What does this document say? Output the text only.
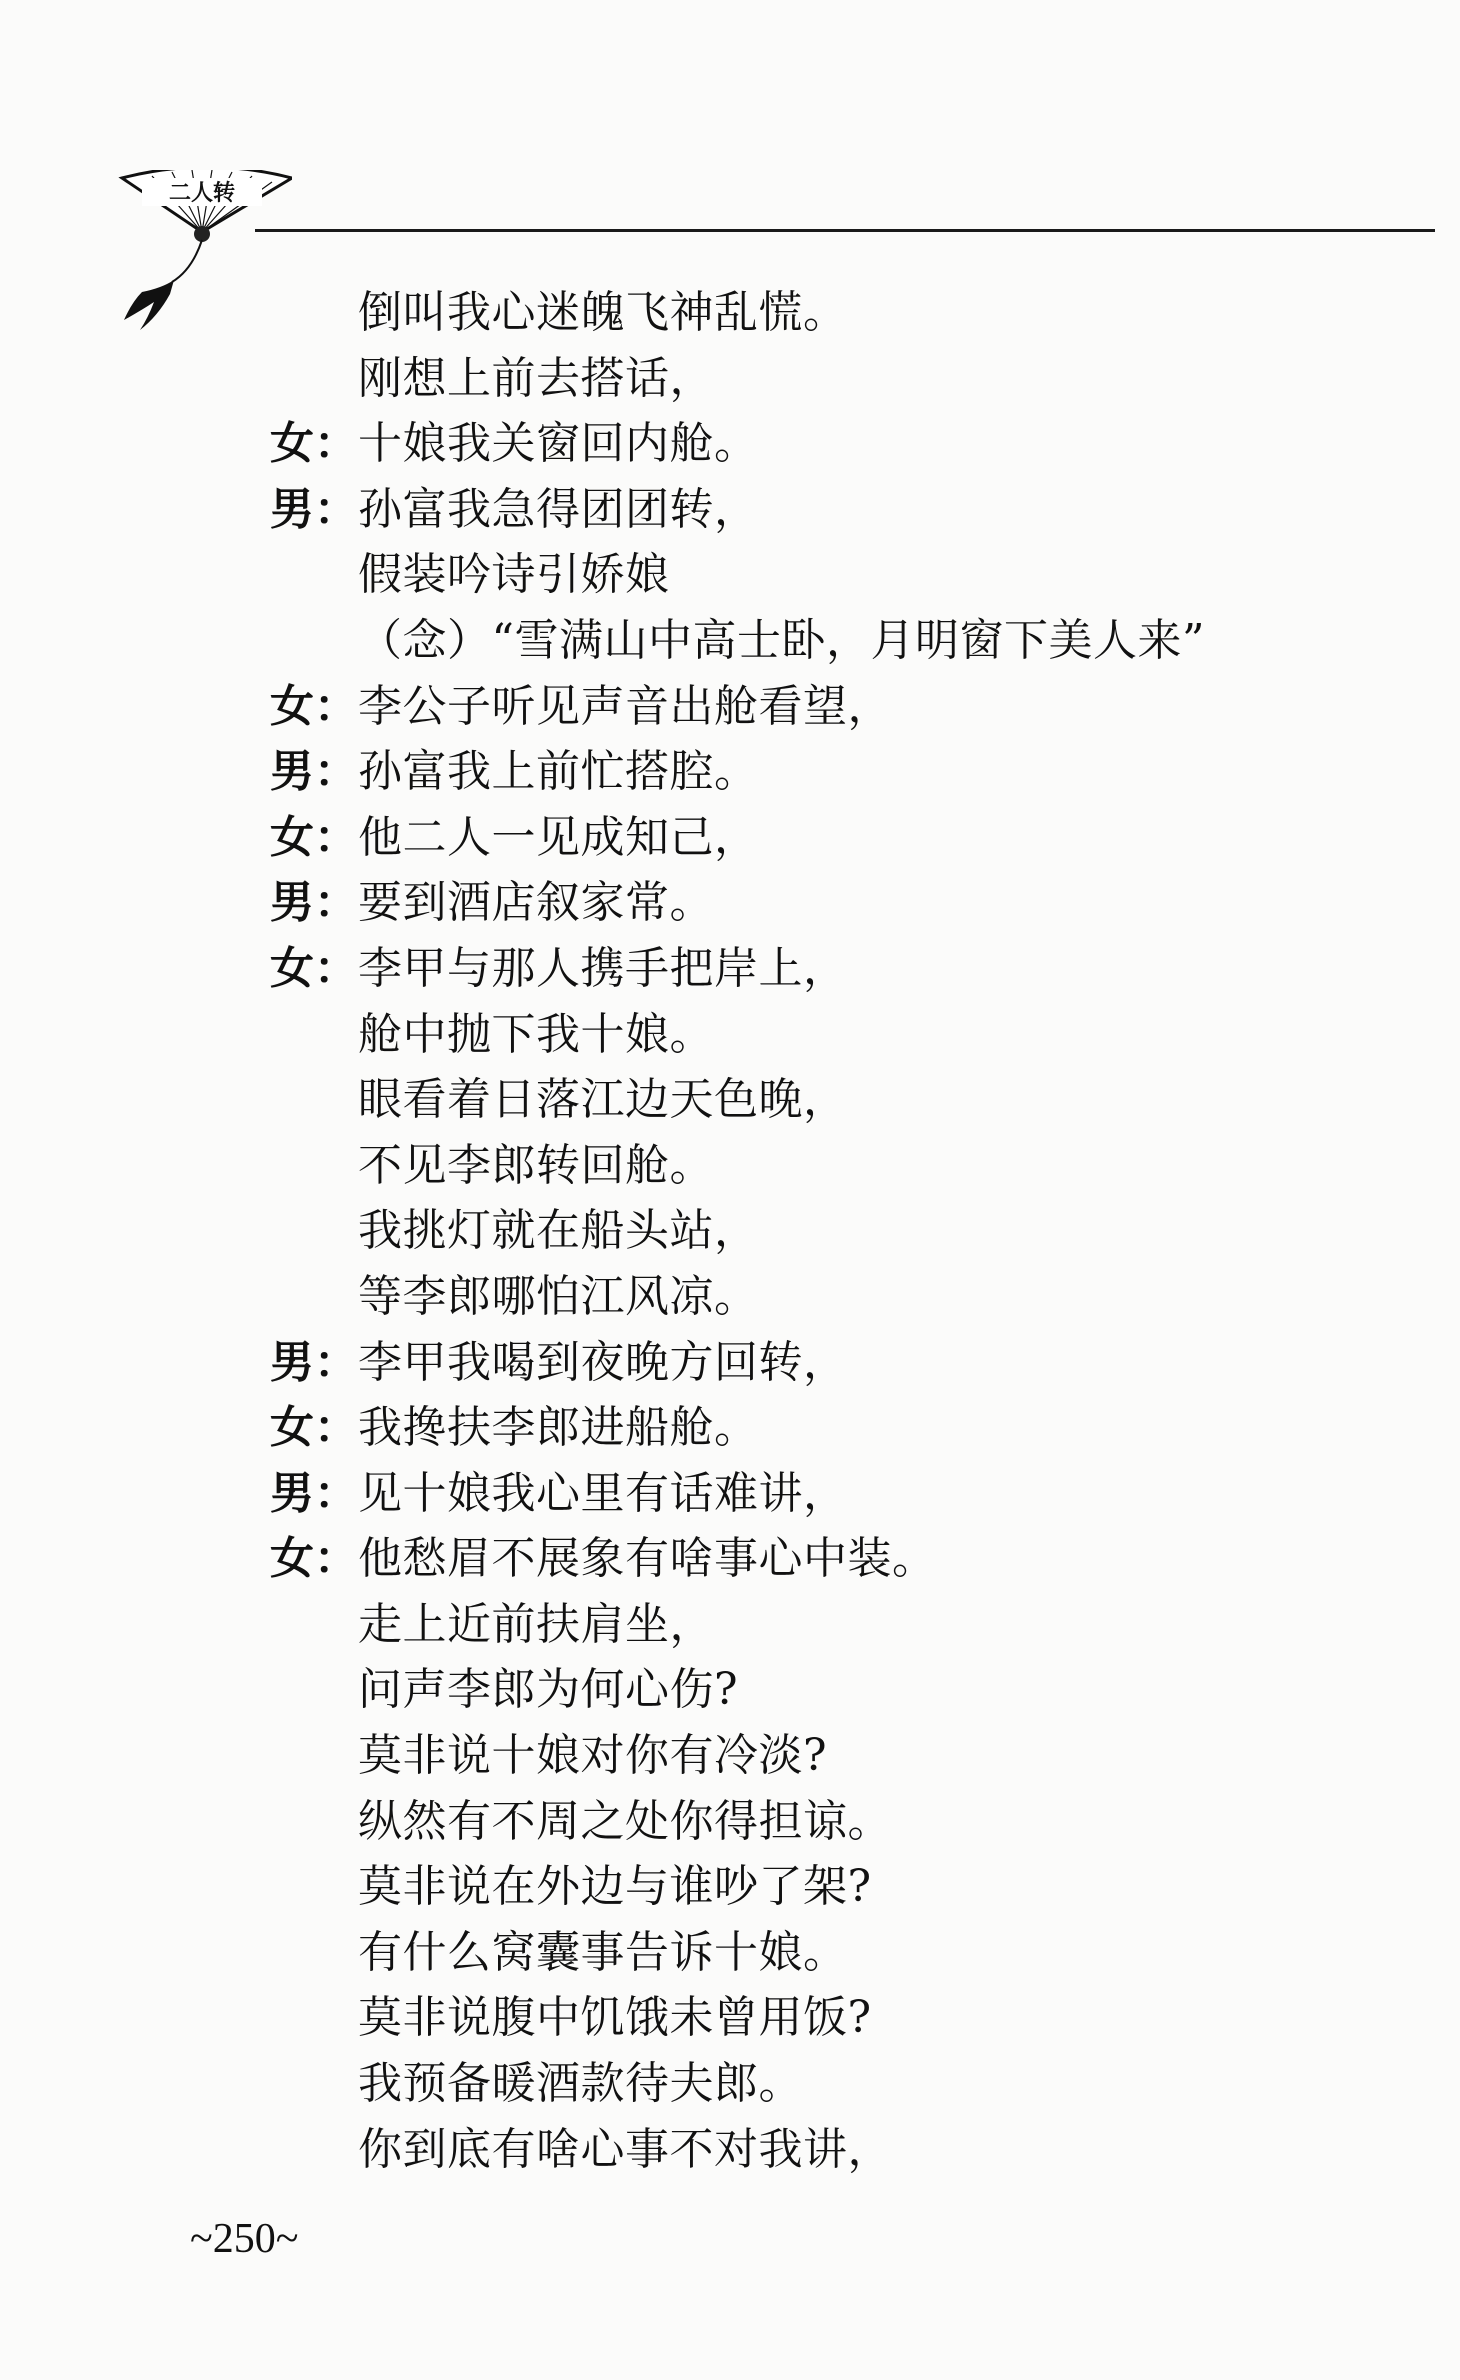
二人转
倒叫我心迷魄飞神乱慌。
刚想上前去搭话，
女： 十娘我关窗回内舱。
男： 孙富我急得团团转，
假装吟诗引娇娘
（念）“雪满山中高士卧，月明窗下美人来”
女： 李公子听见声音出舱看望，
男： 孙富我上前忙搭腔。
女： 他二人一见成知己，
男： 要到酒店叙家常。
女： 李甲与那人携手把岸上，
舱中抛下我十娘。
眼看着日落江边天色晚，
不见李郎转回舱。
我挑灯就在船头站，
等李郎哪怕江风凉。
男： 李甲我喝到夜晚方回转，
女： 我搀扶李郎进船舱。
男： 见十娘我心里有话难讲，
女： 他愁眉不展象有啥事心中装。
走上近前扶肩坐，
问声李郎为何心伤?
莫非说十娘对你有冷淡?
纵然有不周之处你得担谅。
莫非说在外边与谁吵了架?
有什么窝囊事告诉十娘。
莫非说腹中饥饿未曾用饭?
我预备暖酒款待夫郎。
你到底有啥心事不对我讲，
~250~
